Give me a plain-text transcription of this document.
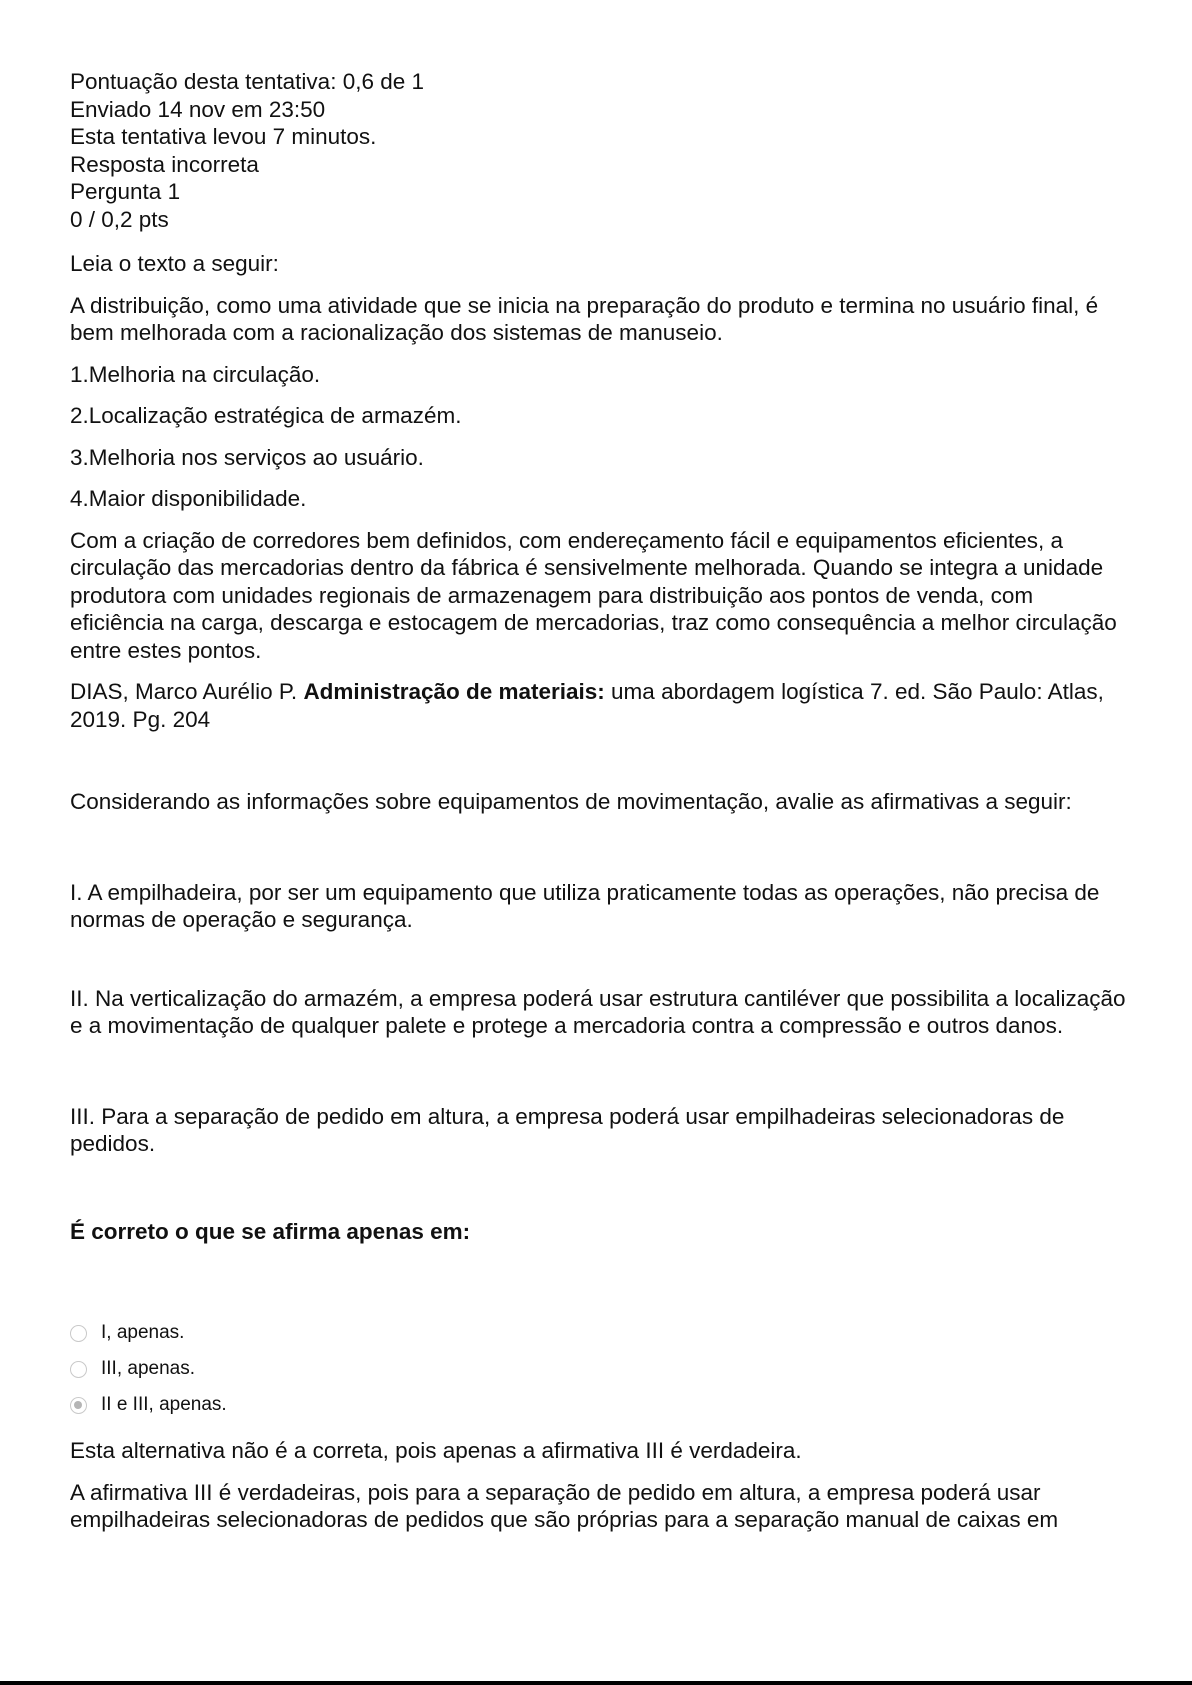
Pontuação desta tentativa: 0,6 de 1

Enviado 14 nov em 23:50

Esta tentativa levou 7 minutos.

Resposta incorreta

Pergunta 1

0 / 0,2 pts

Leia o texto a seguir:

A distribuição, como uma atividade que se inicia na preparação do produto e termina no usuário final, é bem melhorada com a racionalização dos sistemas de manuseio.

1.Melhoria na circulação.

2.Localização estratégica de armazém.

3.Melhoria nos serviços ao usuário.

4.Maior disponibilidade.

Com a criação de corredores bem definidos, com endereçamento fácil e equipamentos eficientes, a circulação das mercadorias dentro da fábrica é sensivelmente melhorada. Quando se integra a unidade produtora com unidades regionais de armazenagem para distribuição aos pontos de venda, com eficiência na carga, descarga e estocagem de mercadorias, traz como consequência a melhor circulação entre estes pontos.

DIAS, Marco Aurélio P. Administração de materiais: uma abordagem logística 7. ed. São Paulo: Atlas, 2019. Pg. 204

Considerando as informações sobre equipamentos de movimentação, avalie as afirmativas a seguir:

I. A empilhadeira, por ser um equipamento que utiliza praticamente todas as operações, não precisa de normas de operação e segurança.

II. Na verticalização do armazém, a empresa poderá usar estrutura cantiléver que possibilita a localização e a movimentação de qualquer palete e protege a mercadoria contra a compressão e outros danos.

III. Para a separação de pedido em altura, a empresa poderá usar empilhadeiras selecionadoras de pedidos.

É correto o que se afirma apenas em:

I, apenas.
III, apenas.
II e III, apenas.

Esta alternativa não é a correta, pois apenas a afirmativa III é verdadeira.

A afirmativa III é verdadeiras, pois para a separação de pedido em altura, a empresa poderá usar empilhadeiras selecionadoras de pedidos que são próprias para a separação manual de caixas em
